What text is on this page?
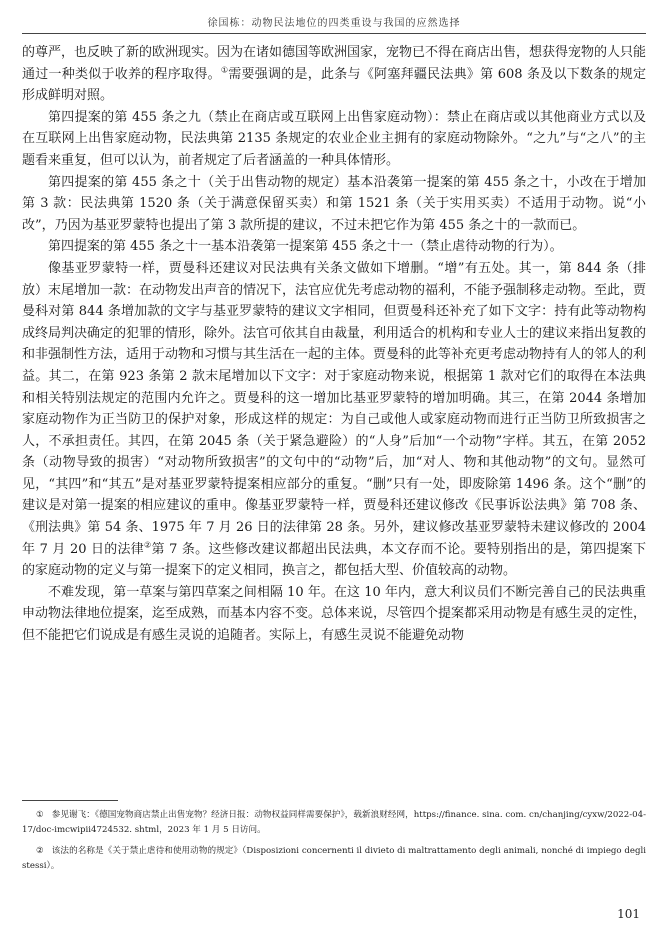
徐国栋：动物民法地位的四类重设与我国的应然选择

的尊严，也反映了新的欧洲现实。因为在诸如德国等欧洲国家，宠物已不得在商店出售，想获得宠物的人只能通过一种类似于收养的程序取得。①需要强调的是，此条与《阿塞拜疆民法典》第 608 条及以下数条的规定形成鲜明对照。

第四提案的第 455 条之九（禁止在商店或互联网上出售家庭动物）：禁止在商店或以其他商业方式以及在互联网上出售家庭动物，民法典第 2135 条规定的农业企业主拥有的家庭动物除外。“之九”与“之八”的主题看来重复，但可以认为，前者规定了后者涵盖的一种具体情形。

第四提案的第 455 条之十（关于出售动物的规定）基本沿袭第一提案的第 455 条之十，小改在于增加第 3 款：民法典第 1520 条（关于满意保留买卖）和第 1521 条（关于实用买卖）不适用于动物。说“小改”，乃因为基亚罗蒙特也提出了第 3 款所提的建议，不过未把它作为第 455 条之十的一款而已。

第四提案的第 455 条之十一基本沿袭第一提案第 455 条之十一（禁止虐待动物的行为）。

像基亚罗蒙特一样，贾曼科还建议对民法典有关条文做如下增删。“增”有五处。其一，第 844 条（排放）末尾增加一款：在动物发出声音的情况下，法官应优先考虑动物的福利，不能予强制移走动物。至此，贾曼科对第 844 条增加款的文字与基亚罗蒙特的建议文字相同，但贾曼科还补充了如下文字：持有此等动物构成终局判决确定的犯罪的情形，除外。法官可依其自由裁量，利用适合的机构和专业人士的建议来指出复教的和非强制性方法，适用于动物和习惯与其生活在一起的主体。贾曼科的此等补充更考虑动物持有人的邻人的利益。其二，在第 923 条第 2 款末尾增加以下文字：对于家庭动物来说，根据第 1 款对它们的取得在本法典和相关特别法规定的范围内允许之。贾曼科的这一增加比基亚罗蒙特的增加明确。其三，在第 2044 条增加家庭动物作为正当防卫的保护对象，形成这样的规定：为自己或他人或家庭动物而进行正当防卫所致损害之人，不承担责任。其四，在第 2045 条（关于紧急避险）的“人身”后加“一个动物”字样。其五，在第 2052 条（动物导致的损害）“对动物所致损害”的文句中的“动物”后，加“对人、物和其他动物”的文句。显然可见，“其四”和“其五”是对基亚罗蒙特提案相应部分的重复。“删”只有一处，即废除第 1496 条。这个“删”的建议是对第一提案的相应建议的重申。像基亚罗蒙特一样，贾曼科还建议修改《民事诉讼法典》第 708 条、《刑法典》第 54 条、1975 年 7 月 26 日的法律第 28 条。另外，建议修改基亚罗蒙特未建议修改的 2004 年 7 月 20 日的法律②第 7 条。这些修改建议都超出民法典，本文存而不论。要特别指出的是，第四提案下的家庭动物的定义与第一提案下的定义相同，换言之，都包括大型、价值较高的动物。

不难发现，第一草案与第四草案之间相隔 10 年。在这 10 年内，意大利议员们不断完善自己的民法典重申动物法律地位提案，迄至成熟，而基本内容不变。总体来说，尽管四个提案都采用动物是有感生灵的定性，但不能把它们说成是有感生灵说的追随者。实际上，有感生灵说不能避免动物

① 参见谢飞：《德国宠物商店禁止出售宠物？经济日报：动物权益同样需要保护》，载新浪财经网，https://finance. sina. com. cn/chanjing/cyxw/2022-04-17/doc-imcwipii4724532. shtml，2023 年 1 月 5 日访问。

② 该法的名称是《关于禁止虐待和使用动物的规定》（Disposizioni concernenti il divieto di maltrattamento degli animali, nonché di impiego degli stessi）。

101
